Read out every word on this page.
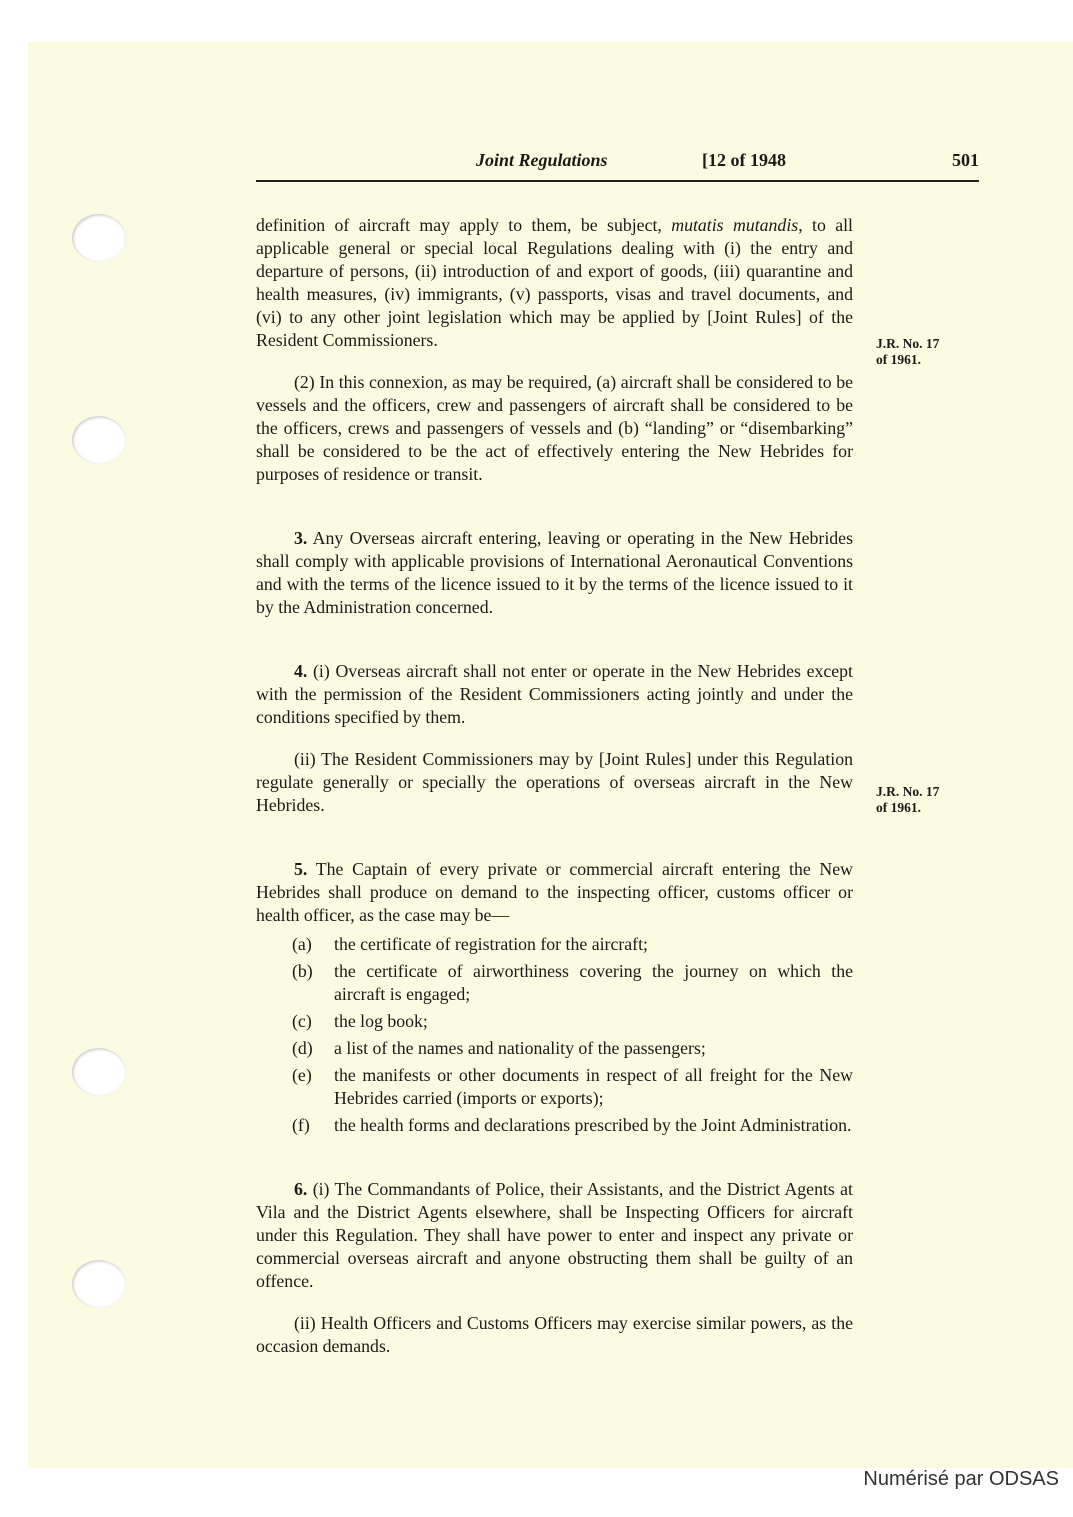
Joint Regulations	[12 of 1948	501

definition of aircraft may apply to them, be subject, mutatis mutandis, to all applicable general or special local Regulations dealing with (i) the entry and departure of persons, (ii) introduction of and export of goods, (iii) quarantine and health measures, (iv) immigrants, (v) passports, visas and travel documents, and (vi) to any other joint legislation which may be applied by [Joint Rules] of the Resident Commissioners.

(2) In this connexion, as may be required, (a) aircraft shall be considered to be vessels and the officers, crew and passengers of aircraft shall be considered to be the officers, crews and passengers of vessels and (b) “landing” or “disembarking” shall be considered to be the act of effectively entering the New Hebrides for purposes of residence or transit.

3. Any Overseas aircraft entering, leaving or operating in the New Hebrides shall comply with applicable provisions of International Aeronautical Conventions and with the terms of the licence issued to it by the terms of the licence issued to it by the Administration concerned.

4. (i) Overseas aircraft shall not enter or operate in the New Hebrides except with the permission of the Resident Commissioners acting jointly and under the conditions specified by them.

(ii) The Resident Commissioners may by [Joint Rules] under this Regulation regulate generally or specially the operations of overseas aircraft in the New Hebrides.

5. The Captain of every private or commercial aircraft entering the New Hebrides shall produce on demand to the inspecting officer, customs officer or health officer, as the case may be—

(a) the certificate of registration for the aircraft;
(b) the certificate of airworthiness covering the journey on which the aircraft is engaged;
(c) the log book;
(d) a list of the names and nationality of the passengers;
(e) the manifests or other documents in respect of all freight for the New Hebrides carried (imports or exports);
(f) the health forms and declarations prescribed by the Joint Administration.

6. (i) The Commandants of Police, their Assistants, and the District Agents at Vila and the District Agents elsewhere, shall be Inspecting Officers for aircraft under this Regulation. They shall have power to enter and inspect any private or commercial overseas aircraft and anyone obstructing them shall be guilty of an offence.

(ii) Health Officers and Customs Officers may exercise similar powers, as the occasion demands.

J.R. No. 17
of 1961.
J.R. No. 17
of 1961.
Numérisé par ODSAS
